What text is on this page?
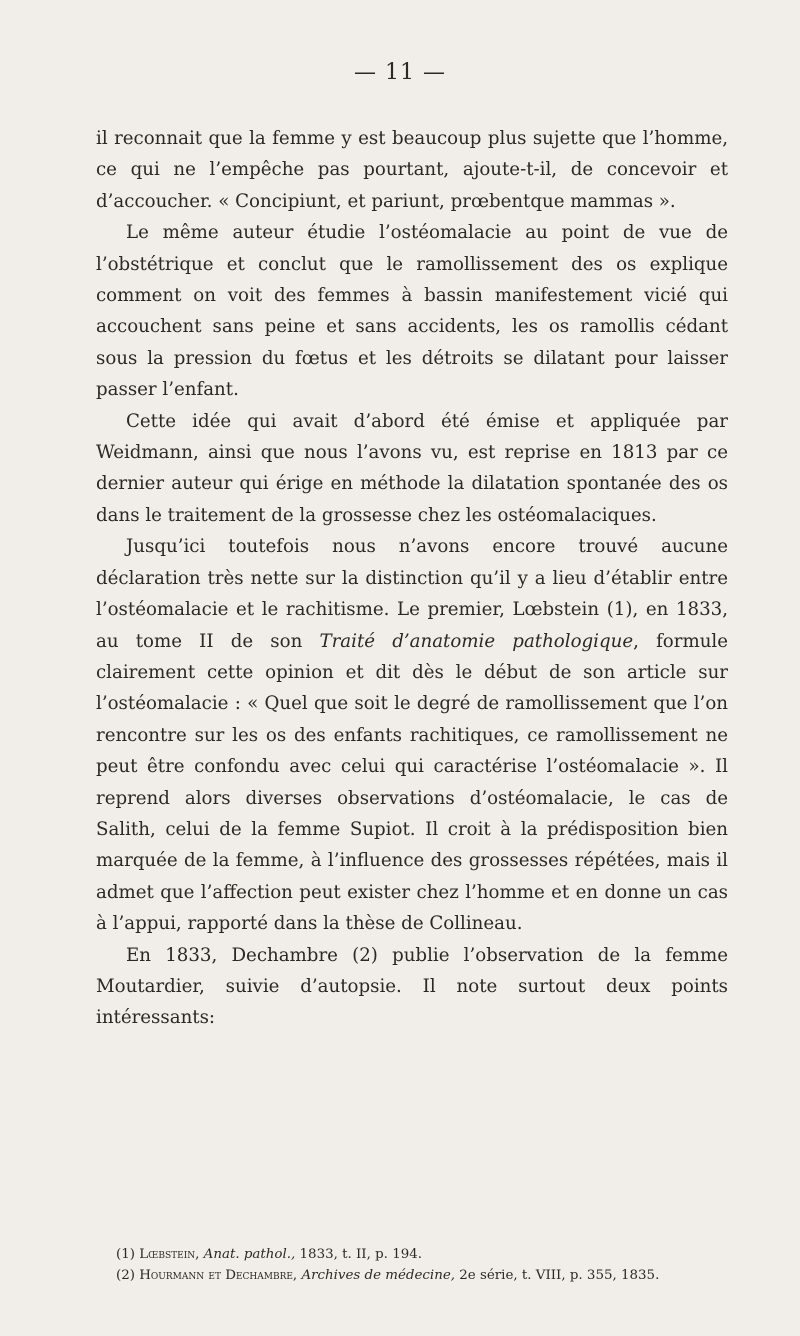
— 11 —

il reconnait que la femme y est beaucoup plus sujette que l’homme, ce qui ne l’empêche pas pourtant, ajoute-t-il, de concevoir et d’accoucher. « Concipiunt, et pariunt, prœbentque mammas ».

Le même auteur étudie l’ostéomalacie au point de vue de l’obstétrique et conclut que le ramollissement des os explique comment on voit des femmes à bassin manifestement vicié qui accouchent sans peine et sans accidents, les os ramollis cédant sous la pression du fœtus et les détroits se dilatant pour laisser passer l’enfant.

Cette idée qui avait d’abord été émise et appliquée par Weidmann, ainsi que nous l’avons vu, est reprise en 1813 par ce dernier auteur qui érige en méthode la dilatation spontanée des os dans le traitement de la grossesse chez les ostéomalaciques.

Jusqu’ici toutefois nous n’avons encore trouvé aucune déclaration très nette sur la distinction qu’il y a lieu d’établir entre l’ostéomalacie et le rachitisme. Le premier, Lœbstein (1), en 1833, au tome II de son Traité d’anatomie pathologique, formule clairement cette opinion et dit dès le début de son article sur l’ostéomalacie : « Quel que soit le degré de ramollissement que l’on rencontre sur les os des enfants rachitiques, ce ramollissement ne peut être confondu avec celui qui caractérise l’ostéomalacie ». Il reprend alors diverses observations d’ostéomalacie, le cas de Salith, celui de la femme Supiot. Il croit à la prédisposition bien marquée de la femme, à l’influence des grossesses répétées, mais il admet que l’affection peut exister chez l’homme et en donne un cas à l’appui, rapporté dans la thèse de Collineau.

En 1833, Dechambre (2) publie l’observation de la femme Moutardier, suivie d’autopsie. Il note surtout deux points intéressants:

(1) Lœbstein, Anat. pathol., 1833, t. II, p. 194.

(2) Hourmann et Dechambre, Archives de médecine, 2e série, t. VIII, p. 355, 1835.
